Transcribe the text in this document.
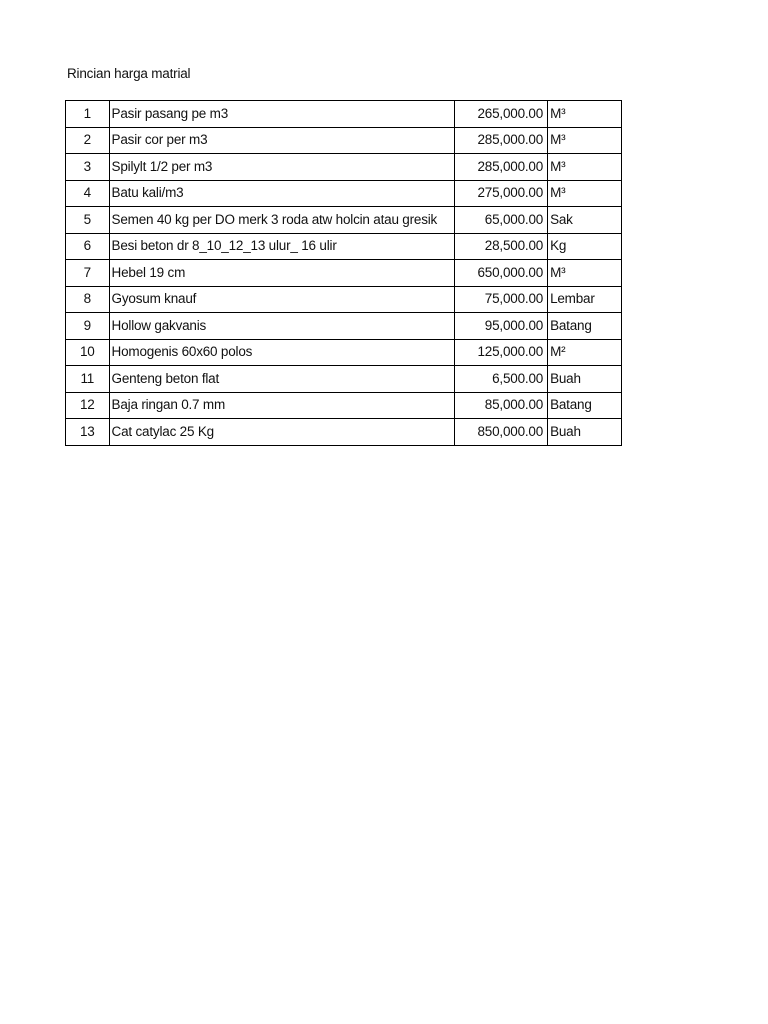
Rincian harga matrial
1	Pasir pasang pe m3	265,000.00	M³
2	Pasir cor per m3	285,000.00	M³
3	Spilylt 1/2 per m3	285,000.00	M³
4	Batu kali/m3	275,000.00	M³
5	Semen 40 kg per DO merk 3 roda atw holcin atau gresik	65,000.00	Sak
6	Besi beton dr 8_10_12_13 ulur_ 16 ulir	28,500.00	Kg
7	Hebel 19 cm	650,000.00	M³
8	Gyosum knauf	75,000.00	Lembar
9	Hollow gakvanis	95,000.00	Batang
10	Homogenis 60x60 polos	125,000.00	M²
11	Genteng beton flat	6,500.00	Buah
12	Baja ringan 0.7 mm	85,000.00	Batang
13	Cat catylac 25 Kg	850,000.00	Buah
